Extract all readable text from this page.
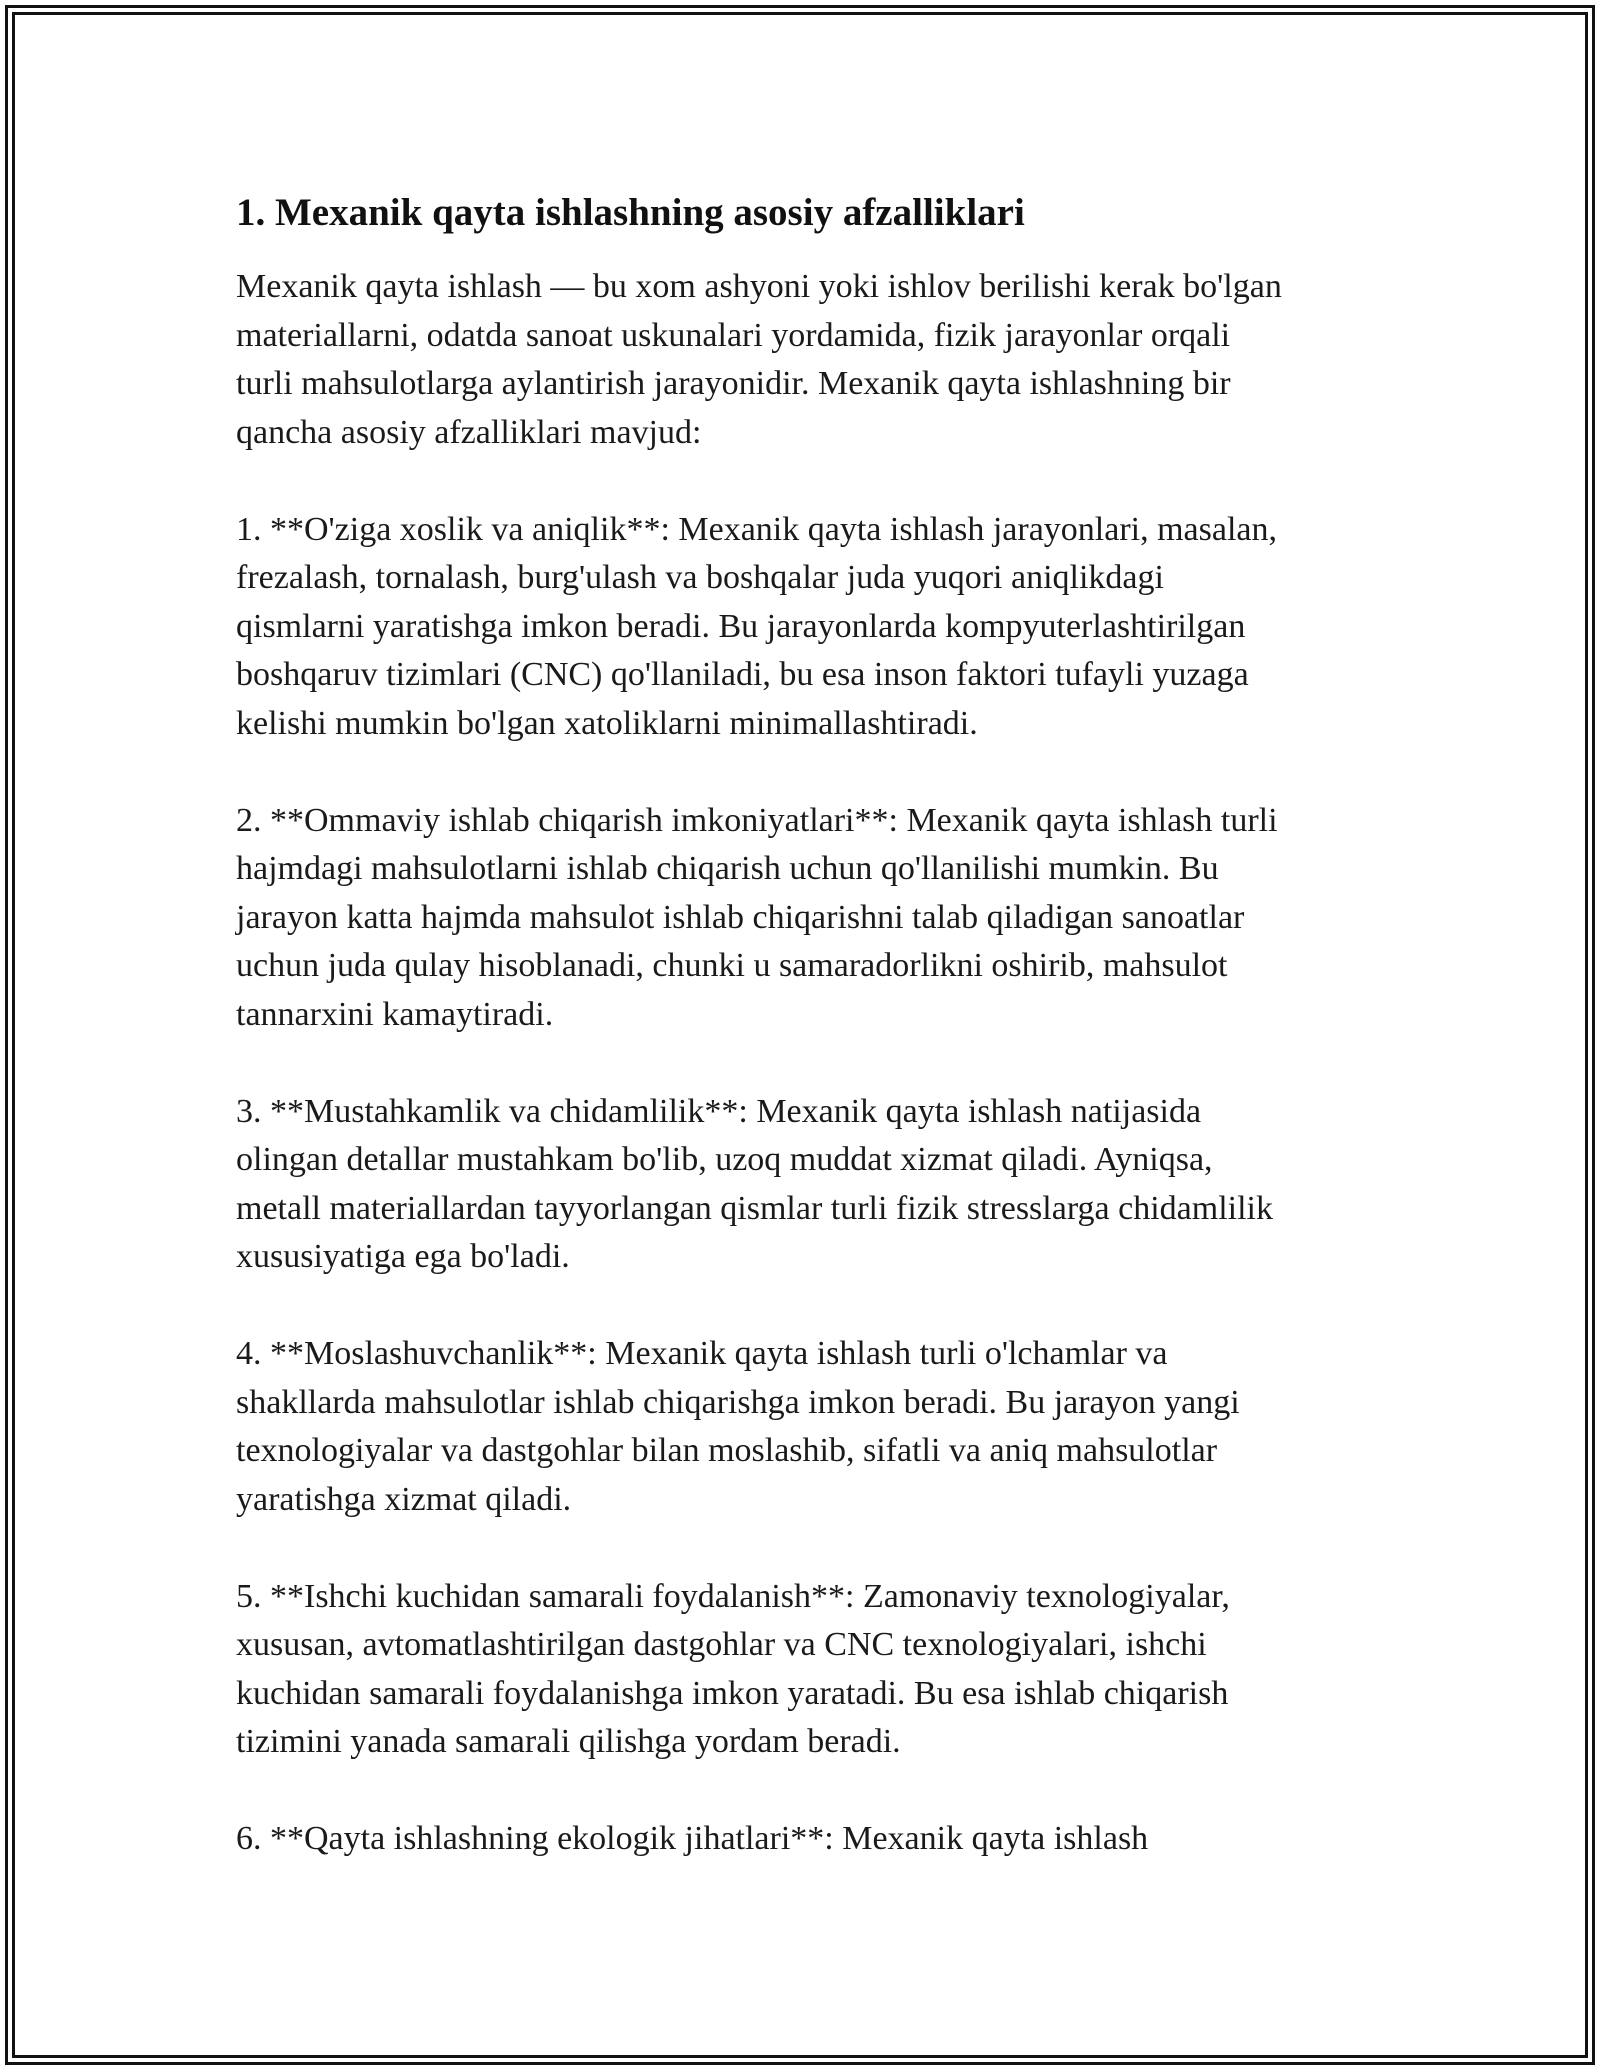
1. Mexanik qayta ishlashning asosiy afzalliklari

Mexanik qayta ishlash — bu xom ashyoni yoki ishlov berilishi kerak bo'lgan
materiallarni, odatda sanoat uskunalari yordamida, fizik jarayonlar orqali
turli mahsulotlarga aylantirish jarayonidir. Mexanik qayta ishlashning bir
qancha asosiy afzalliklari mavjud:

1. **O'ziga xoslik va aniqlik**: Mexanik qayta ishlash jarayonlari, masalan,
frezalash, tornalash, burg'ulash va boshqalar juda yuqori aniqlikdagi
qismlarni yaratishga imkon beradi. Bu jarayonlarda kompyuterlashtirilgan
boshqaruv tizimlari (CNC) qo'llaniladi, bu esa inson faktori tufayli yuzaga
kelishi mumkin bo'lgan xatoliklarni minimallashtiradi.

2. **Ommaviy ishlab chiqarish imkoniyatlari**: Mexanik qayta ishlash turli
hajmdagi mahsulotlarni ishlab chiqarish uchun qo'llanilishi mumkin. Bu
jarayon katta hajmda mahsulot ishlab chiqarishni talab qiladigan sanoatlar
uchun juda qulay hisoblanadi, chunki u samaradorlikni oshirib, mahsulot
tannarxini kamaytiradi.

3. **Mustahkamlik va chidamlilik**: Mexanik qayta ishlash natijasida
olingan detallar mustahkam bo'lib, uzoq muddat xizmat qiladi. Ayniqsa,
metall materiallardan tayyorlangan qismlar turli fizik stresslarga chidamlilik
xususiyatiga ega bo'ladi.

4. **Moslashuvchanlik**: Mexanik qayta ishlash turli o'lchamlar va
shakllarda mahsulotlar ishlab chiqarishga imkon beradi. Bu jarayon yangi
texnologiyalar va dastgohlar bilan moslashib, sifatli va aniq mahsulotlar
yaratishga xizmat qiladi.

5. **Ishchi kuchidan samarali foydalanish**: Zamonaviy texnologiyalar,
xususan, avtomatlashtirilgan dastgohlar va CNC texnologiyalari, ishchi
kuchidan samarali foydalanishga imkon yaratadi. Bu esa ishlab chiqarish
tizimini yanada samarali qilishga yordam beradi.

6. **Qayta ishlashning ekologik jihatlari**: Mexanik qayta ishlash
